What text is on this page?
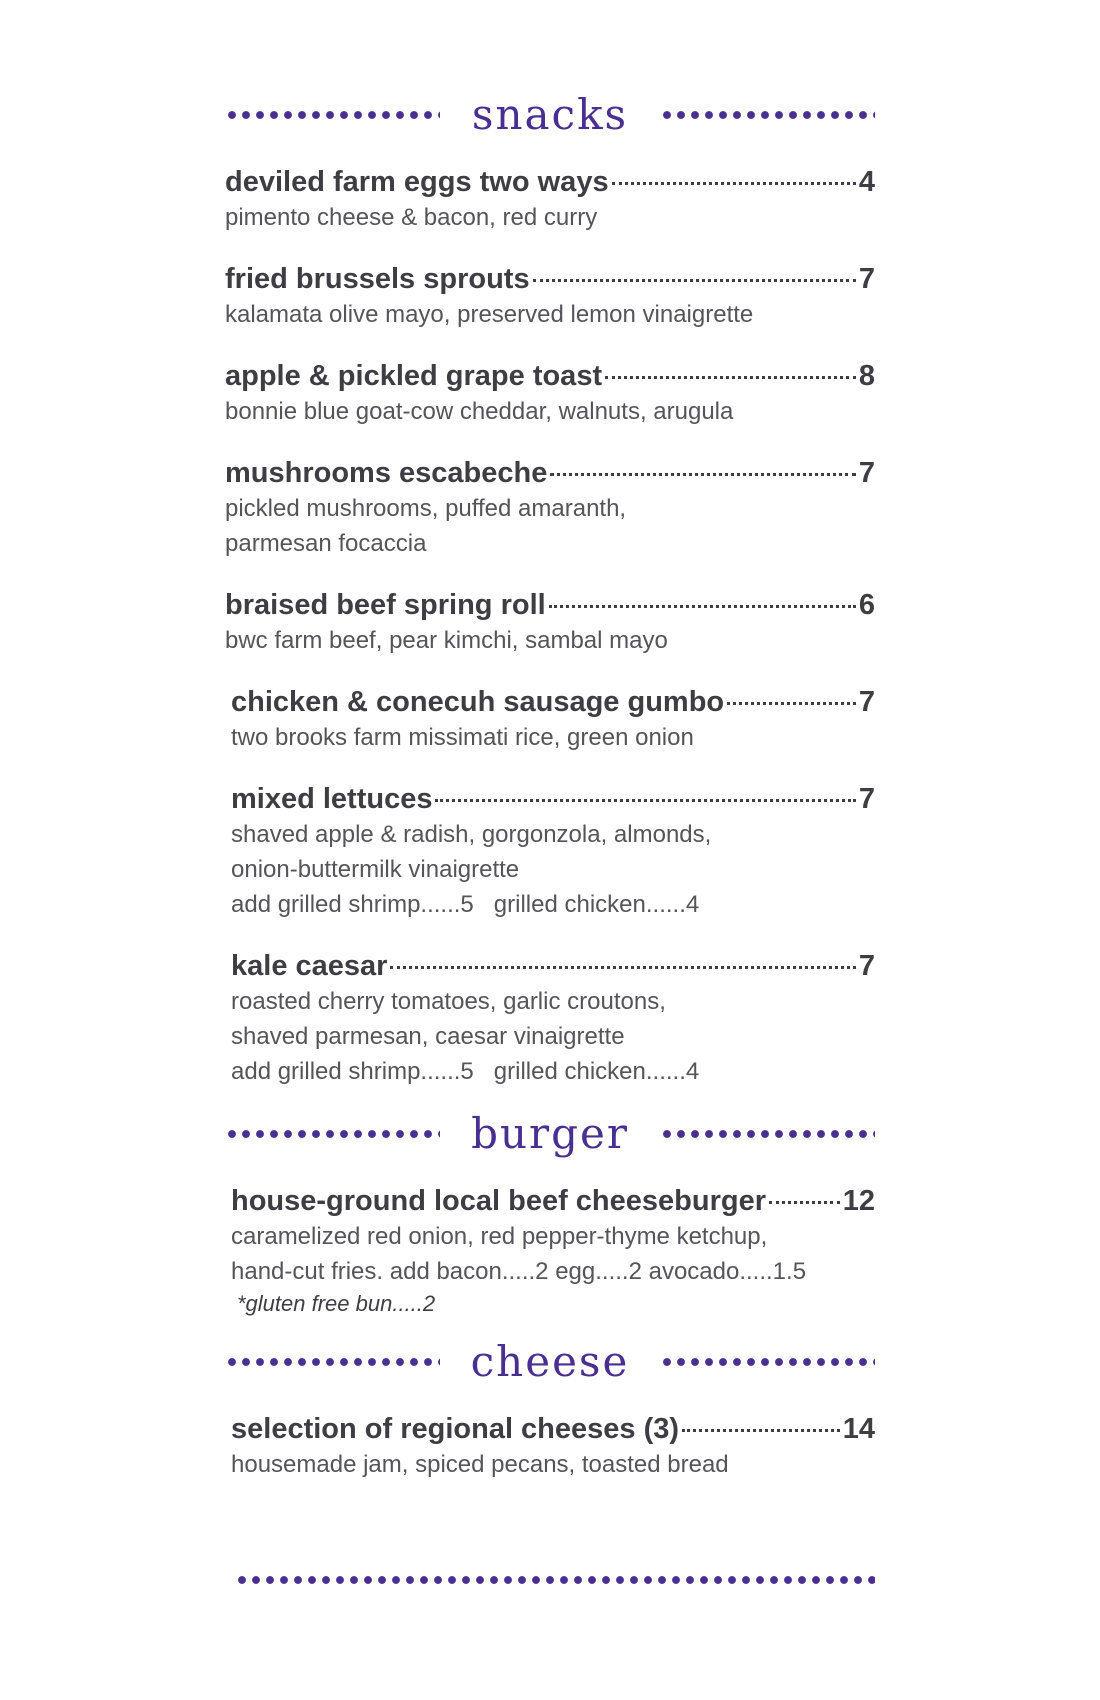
snacks
deviled farm eggs two ways	4
pimento cheese & bacon, red curry
fried brussels sprouts	7
kalamata olive mayo, preserved lemon vinaigrette
apple & pickled grape toast	8
bonnie blue goat-cow cheddar, walnuts, arugula
mushrooms escabeche	7
pickled mushrooms, puffed amaranth,
parmesan focaccia
braised beef spring roll	6
bwc farm beef, pear kimchi, sambal mayo
chicken & conecuh sausage gumbo	7
two brooks farm missimati rice, green onion
mixed lettuces	7
shaved apple & radish, gorgonzola, almonds,
onion-buttermilk vinaigrette
add grilled shrimp......5   grilled chicken......4
kale caesar	7
roasted cherry tomatoes, garlic croutons,
shaved parmesan, caesar vinaigrette
add grilled shrimp......5   grilled chicken......4
burger
house-ground local beef cheeseburger	12
caramelized red onion, red pepper-thyme ketchup,
hand-cut fries. add bacon.....2 egg.....2 avocado.....1.5
*gluten free bun.....2
cheese
selection of regional cheeses (3)	14
housemade jam, spiced pecans, toasted bread
